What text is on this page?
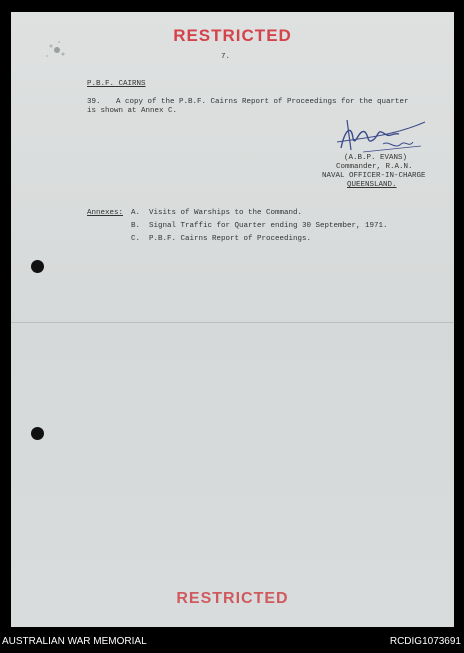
RESTRICTED
7.
P.B.F. CAIRNS
39. A copy of the P.B.F. Cairns Report of Proceedings for the quarter
is shown at Annex C.
(A.B.P. EVANS)
Commander, R.A.N.
NAVAL OFFICER-IN-CHARGE
QUEENSLAND.
Annexes: A. Visits of Warships to the Command.
B. Signal Traffic for Quarter ending 30 September, 1971.
C. P.B.F. Cairns Report of Proceedings.
RESTRICTED
AUSTRALIAN WAR MEMORIAL	RCDIG1073691
